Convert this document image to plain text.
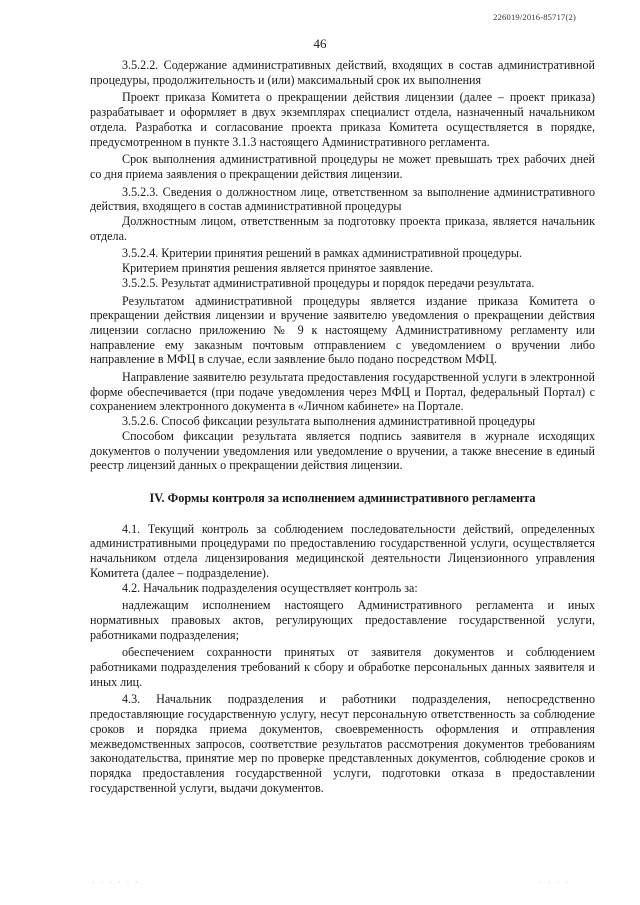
226019/2016-85717(2)
46

3.5.2.2. Содержание административных действий, входящих в состав административной процедуры, продолжительность и (или) максимальный срок их выполнения

Проект приказа Комитета о прекращении действия лицензии (далее – проект приказа) разрабатывает и оформляет в двух экземплярах специалист отдела, назначенный начальником отдела. Разработка и согласование проекта приказа Комитета осуществляется в порядке, предусмотренном в пункте 3.1.3 настоящего Административного регламента.

Срок выполнения административной процедуры не может превышать трех рабочих дней со дня приема заявления о прекращении действия лицензии.

3.5.2.3. Сведения о должностном лице, ответственном за выполнение административного действия, входящего в состав административной процедуры

Должностным лицом, ответственным за подготовку проекта приказа, является начальник отдела.

3.5.2.4. Критерии принятия решений в рамках административной процедуры.

Критерием принятия решения является принятое заявление.

3.5.2.5. Результат административной процедуры и порядок передачи результата.

Результатом административной процедуры является издание приказа Комитета о прекращении действия лицензии и вручение заявителю уведомления о прекращении действия лицензии согласно приложению № 9 к настоящему Административному регламенту или направление ему заказным почтовым отправлением с уведомлением о вручении либо направление в МФЦ в случае, если заявление было подано посредством МФЦ.

Направление заявителю результата предоставления государственной услуги в электронной форме обеспечивается (при подаче уведомления через МФЦ и Портал, федеральный Портал) с сохранением электронного документа в «Личном кабинете» на Портале.

3.5.2.6. Способ фиксации результата выполнения административной процедуры

Способом фиксации результата является подпись заявителя в журнале исходящих документов о получении уведомления или уведомление о вручении, а также внесение в единый реестр лицензий данных о прекращении действия лицензии.

IV. Формы контроля за исполнением административного регламента

4.1. Текущий контроль за соблюдением последовательности действий, определенных административными процедурами по предоставлению государственной услуги, осуществляется начальником отдела лицензирования медицинской деятельности Лицензионного управления Комитета (далее – подразделение).

4.2. Начальник подразделения осуществляет контроль за:

надлежащим исполнением настоящего Административного регламента и иных нормативных правовых актов, регулирующих предоставление государственной услуги, работниками подразделения;

обеспечением сохранности принятых от заявителя документов и соблюдением работниками подразделения требований к сбору и обработке персональных данных заявителя и иных лиц.

4.3. Начальник подразделения и работники подразделения, непосредственно предоставляющие государственную услугу, несут персональную ответственность за соблюдение сроков и порядка приема документов, своевременность оформления и отправления межведомственных запросов, соответствие результатов рассмотрения документов требованиям законодательства, принятие мер по проверке представленных документов, соблюдение сроков и порядка предоставления государственной услуги, подготовки отказа в предоставлении государственной услуги, выдачи документов.

· · · · · ·	· · · ·
